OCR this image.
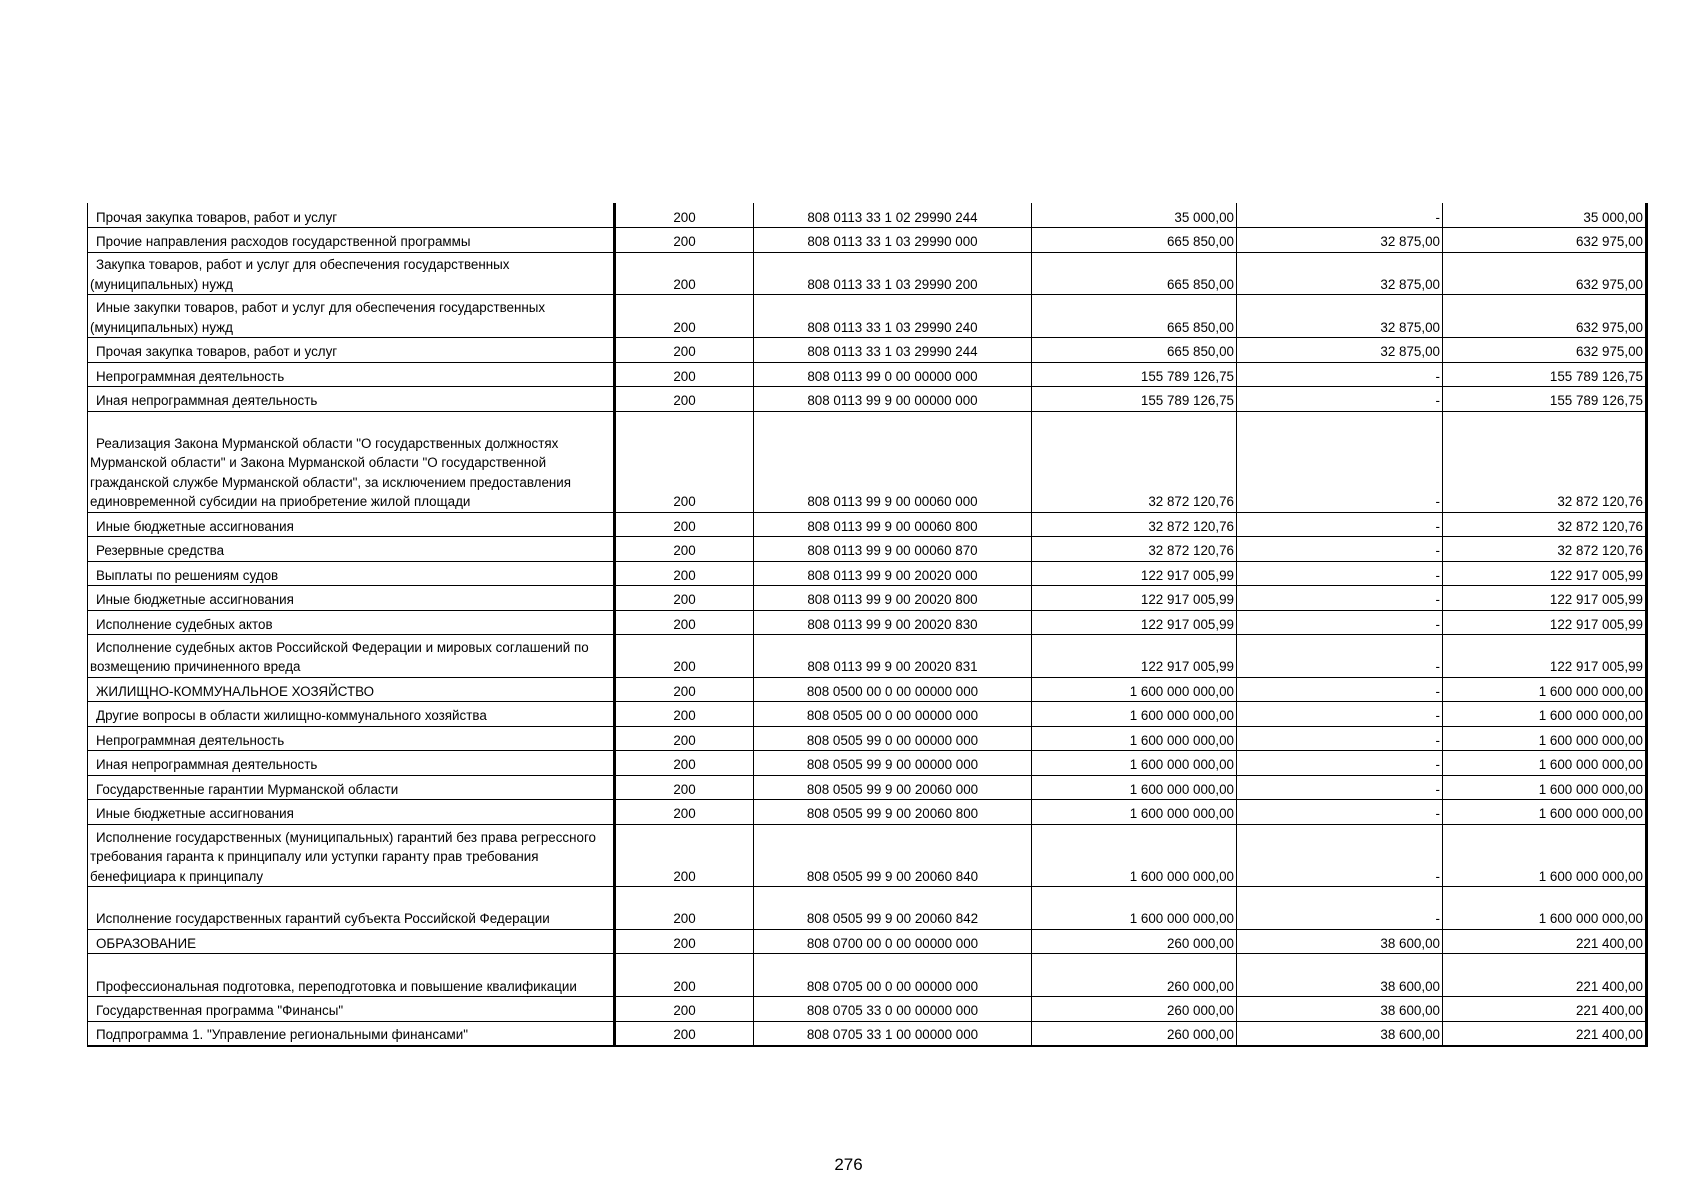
Прочая закупка товаров, работ и услуг	200	808 0113 33 1 02 29990 244	35 000,00	-	35 000,00

Прочие направления расходов государственной программы	200	808 0113 33 1 03 29990 000	665 850,00	32 875,00	632 975,00

Закупка товаров, работ и услуг для обеспечения государственных (муниципальных) нужд	200	808 0113 33 1 03 29990 200	665 850,00	32 875,00	632 975,00

Иные закупки товаров, работ и услуг для обеспечения государственных (муниципальных) нужд	200	808 0113 33 1 03 29990 240	665 850,00	32 875,00	632 975,00

Прочая закупка товаров, работ и услуг	200	808 0113 33 1 03 29990 244	665 850,00	32 875,00	632 975,00

Непрограммная деятельность	200	808 0113 99 0 00 00000 000	155 789 126,75	-	155 789 126,75

Иная непрограммная деятельность	200	808 0113 99 9 00 00000 000	155 789 126,75	-	155 789 126,75

Реализация Закона Мурманской области "О государственных должностях Мурманской области" и Закона Мурманской области "О государственной гражданской службе Мурманской области", за исключением предоставления единовременной субсидии на приобретение жилой площади	200	808 0113 99 9 00 00060 000	32 872 120,76	-	32 872 120,76

Иные бюджетные ассигнования	200	808 0113 99 9 00 00060 800	32 872 120,76	-	32 872 120,76

Резервные средства	200	808 0113 99 9 00 00060 870	32 872 120,76	-	32 872 120,76

Выплаты по решениям судов	200	808 0113 99 9 00 20020 000	122 917 005,99	-	122 917 005,99

Иные бюджетные ассигнования	200	808 0113 99 9 00 20020 800	122 917 005,99	-	122 917 005,99

Исполнение судебных актов	200	808 0113 99 9 00 20020 830	122 917 005,99	-	122 917 005,99

Исполнение судебных актов Российской Федерации и мировых соглашений по возмещению причиненного вреда	200	808 0113 99 9 00 20020 831	122 917 005,99	-	122 917 005,99

ЖИЛИЩНО-КОММУНАЛЬНОЕ ХОЗЯЙСТВО	200	808 0500 00 0 00 00000 000	1 600 000 000,00	-	1 600 000 000,00

Другие вопросы в области жилищно-коммунального хозяйства	200	808 0505 00 0 00 00000 000	1 600 000 000,00	-	1 600 000 000,00

Непрограммная деятельность	200	808 0505 99 0 00 00000 000	1 600 000 000,00	-	1 600 000 000,00

Иная непрограммная деятельность	200	808 0505 99 9 00 00000 000	1 600 000 000,00	-	1 600 000 000,00

Государственные гарантии Мурманской области	200	808 0505 99 9 00 20060 000	1 600 000 000,00	-	1 600 000 000,00

Иные бюджетные ассигнования	200	808 0505 99 9 00 20060 800	1 600 000 000,00	-	1 600 000 000,00

Исполнение государственных (муниципальных) гарантий без права регрессного требования гаранта к принципалу или уступки гаранту прав требования бенефициара к принципалу	200	808 0505 99 9 00 20060 840	1 600 000 000,00	-	1 600 000 000,00

Исполнение государственных гарантий субъекта Российской Федерации	200	808 0505 99 9 00 20060 842	1 600 000 000,00	-	1 600 000 000,00

ОБРАЗОВАНИЕ	200	808 0700 00 0 00 00000 000	260 000,00	38 600,00	221 400,00

Профессиональная подготовка, переподготовка и повышение квалификации	200	808 0705 00 0 00 00000 000	260 000,00	38 600,00	221 400,00

Государственная программа "Финансы"	200	808 0705 33 0 00 00000 000	260 000,00	38 600,00	221 400,00

Подпрограмма 1. "Управление региональными финансами"	200	808 0705 33 1 00 00000 000	260 000,00	38 600,00	221 400,00
276
